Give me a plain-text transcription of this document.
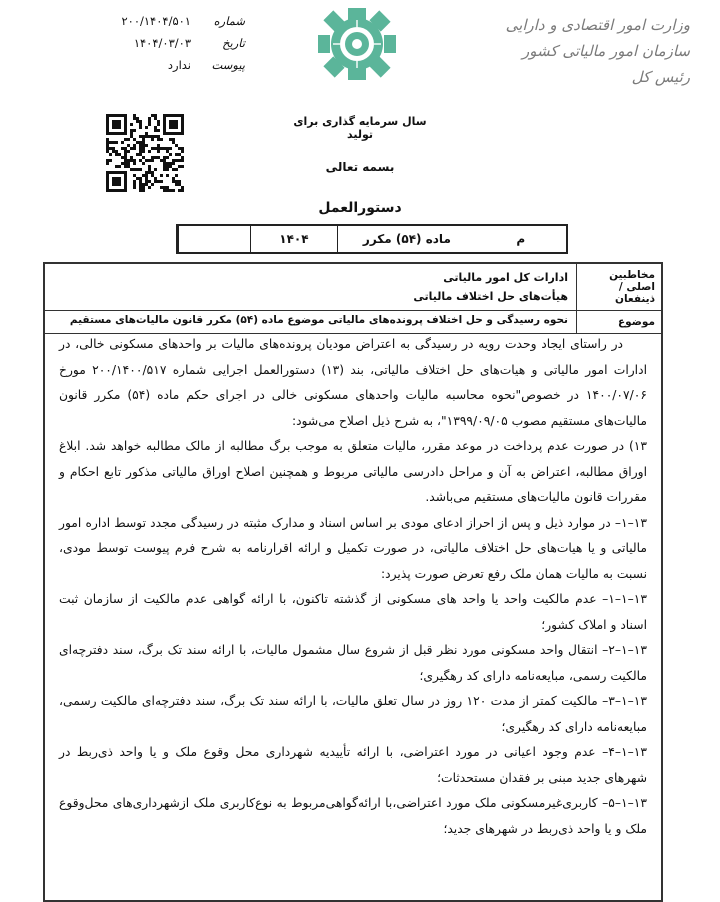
وزارت امور اقتصادی و دارایی
سازمان امور مالیاتی کشور
رئیس کل
شماره
۲۰۰/۱۴۰۴/۵۰۱
تاریخ
۱۴۰۴/۰۳/۰۳
پیوست
ندارد
سال سرمایه گذاری برای تولید
بسمه تعالی
دستورالعمل
۱۴۰۴	ماده (۵۴) مکرر	م
مخاطبین اصلی / ذینفعان
ادارات کل امور مالیاتی
هیأت‌های حل اختلاف مالیاتی
موضوع
نحوه رسیدگی و حل اختلاف پرونده‌های مالیاتی موضوع ماده (۵۴) مکرر قانون مالیات‌های مستقیم

در راستای ایجاد وحدت رویه در رسیدگی به اعتراض مودیان پرونده‌های مالیات بر واحدهای مسکونی خالی، در ادارات امور مالیاتی و هیات‌های حل اختلاف مالیاتی، بند (۱۳) دستورالعمل اجرایی شماره ۲۰۰/۱۴۰۰/۵۱۷ مورخ ۱۴۰۰/۰۷/۰۶ در خصوص"نحوه محاسبه مالیات واحدهای مسکونی خالی در اجرای حکم ماده (۵۴) مکرر قانون مالیات‌های مستقیم مصوب ۱۳۹۹/۰۹/۰۵"، به شرح ذیل اصلاح می‌شود:

۱۳) در صورت عدم پرداخت در موعد مقرر، مالیات متعلق به موجب برگ مطالبه از مالک مطالبه خواهد شد. ابلاغ اوراق مطالبه، اعتراض به آن و مراحل دادرسی مالیاتی مربوط و همچنین اصلاح اوراق مالیاتی مذکور تابع احکام و مقررات قانون مالیات‌های مستقیم می‌باشد.

۱۳–۱– در موارد ذیل و پس از احراز ادعای مودی بر اساس اسناد و مدارک مثبته در رسیدگی مجدد توسط اداره امور مالیاتی و یا هیات‌های حل اختلاف مالیاتی، در صورت تکمیل و ارائه اقرارنامه به شرح فرم پیوست توسط مودی، نسبت به مالیات همان ملک رفع تعرض صورت پذیرد:

۱۳–۱–۱– عدم مالکیت واحد یا واحد های مسکونی از گذشته تاکنون، با ارائه گواهی عدم مالکیت از سازمان ثبت اسناد و املاک کشور؛

۱۳–۱–۲– انتقال واحد مسکونی مورد نظر قبل از شروع سال مشمول مالیات، با ارائه سند تک برگ، سند دفترچه‌ای مالکیت رسمی، مبایعه‌نامه دارای کد رهگیری؛

۱۳–۱–۳– مالکیت کمتر از مدت ۱۲۰ روز در سال تعلق مالیات، با ارائه سند تک برگ، سند دفترچه‌ای مالکیت رسمی، مبایعه‌نامه دارای کد رهگیری؛

۱۳–۱–۴– عدم وجود اعیانی در مورد اعتراضی، با ارائه تأییدیه شهرداری محل وقوع ملک و یا واحد ذی‌ربط در شهرهای جدید مبنی بر فقدان مستحدثات؛

۱۳–۱–۵– کاربری‌غیرمسکونی ملک مورد اعتراضی،با ارائه‌گواهی‌مربوط به نوع‌کاربری ملک ازشهرداری‌های محل‌وقوع ملک و یا واحد ذی‌ربط در شهرهای جدید؛
